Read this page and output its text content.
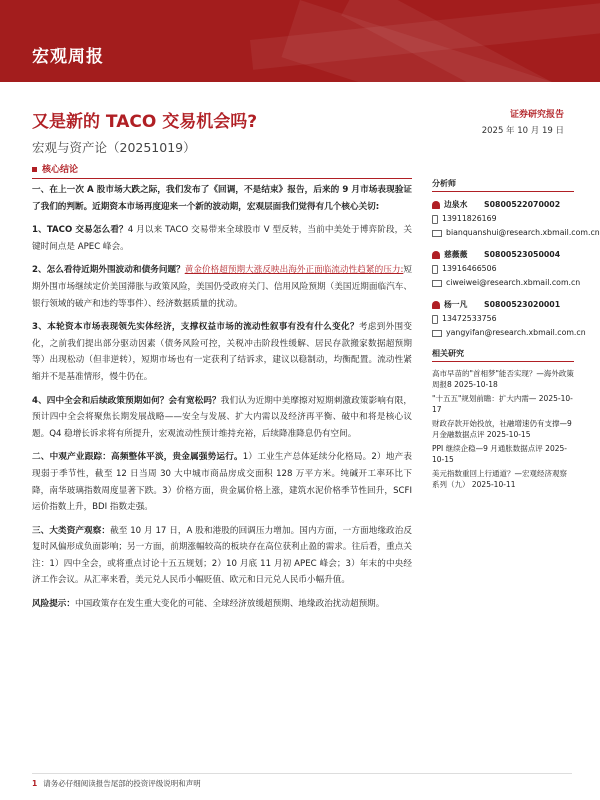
宏观周报
又是新的 TACO 交易机会吗?
宏观与资产论（20251019）
证券研究报告
2025 年 10 月 19 日
核心结论

一、在上一次 A 股市场大跌之际，我们发布了《回调，不是结束》报告，后来的 9 月市场表现验证了我们的判断。近期资本市场再度迎来一个新的波动期，宏观层面我们觉得有几个核心关切:

1、TACO 交易怎么看？4 月以来 TACO 交易带来全球股市 V 型反转，当前中美处于博弈阶段，关键时间点是 APEC 峰会。

2、怎么看待近期外围波动和债务问题？黄金价格超预期大涨反映出海外正面临流动性趋紧的压力:短期外围市场继续定价美国滞胀与政策风险，美国仍受政府关门、信用风险预期（美国近期面临汽车、银行领域的破产和违约等事件）、经济数据质量的扰动。

3、本轮资本市场表现领先实体经济，支撑权益市场的流动性叙事有没有什么变化？考虑到外围变化，之前我们提出部分驱动因素（债务风险可控，关税冲击阶段性缓解、居民存款搬家数据超预期等）出现松动（但非逆转），短期市场也有一定获利了结诉求，建议以稳制动，均衡配置。流动性紧缩并不是基准情形，慢牛仍在。

4、四中全会和后续政策预期如何？会有宽松吗？我们认为近期中美摩擦对短期刺激政策影响有限，预计四中全会将聚焦长期发展战略——安全与发展、扩大内需以及经济再平衡、破中和将是核心议题。Q4 稳增长诉求将有所提升，宏观流动性预计维持充裕，后续降准降息仍有空间。

二、中观产业跟踪：高频整体平淡，贵金属强势运行。1）工业生产总体延续分化格局。2）地产表现弱于季节性，截至 12 日当周 30 大中城市商品房成交面积 128 万平方米。纯碱开工率环比下降，南华玻璃指数周度显著下跌。3）价格方面，贵金属价格上涨，建筑水泥价格季节性回升，SCFI 运价指数上升，BDI 指数走强。

三、大类资产观察：截至 10 月 17 日，A 股和港股的回调压力增加。国内方面，一方面地缘政治反复时风偏形成负面影响；另一方面，前期涨幅较高的板块存在高位获利止盈的需求。往后看，重点关注：1）四中全会，或将重点讨论十五五规划；2）10 月底 11 月初 APEC 峰会；3）年末的中央经济工作会议。从汇率来看，美元兑人民币小幅贬值、欧元和日元兑人民币小幅升值。

风险提示：中国政策存在发生重大变化的可能、全球经济放缓超预期、地缘政治扰动超预期。

分析师
边泉水 S0800522070002
13911826169
bianquanshui@research.xbmail.com.cn
慈薇薇 S0800523050004
13916466506
ciweiwei@research.xbmail.com.cn
杨一凡 S0800523020001
13472533756
yangyifan@research.xbmail.com.cn
相关研究
高市早苗的"首相梦"能否实现？—海外政策周报8 2025-10-18
"十五五"规划前瞻：扩大内需— 2025-10-17
财政存款开始投放，社融增速仍有支撑—9 月金融数据点评 2025-10-15
PPI 继续企稳—9 月通胀数据点评 2025-10-15
美元指数重回上行通道？—宏观经济观察系列（九） 2025-10-11
1 请务必仔细阅读报告尾部的投资评级说明和声明
